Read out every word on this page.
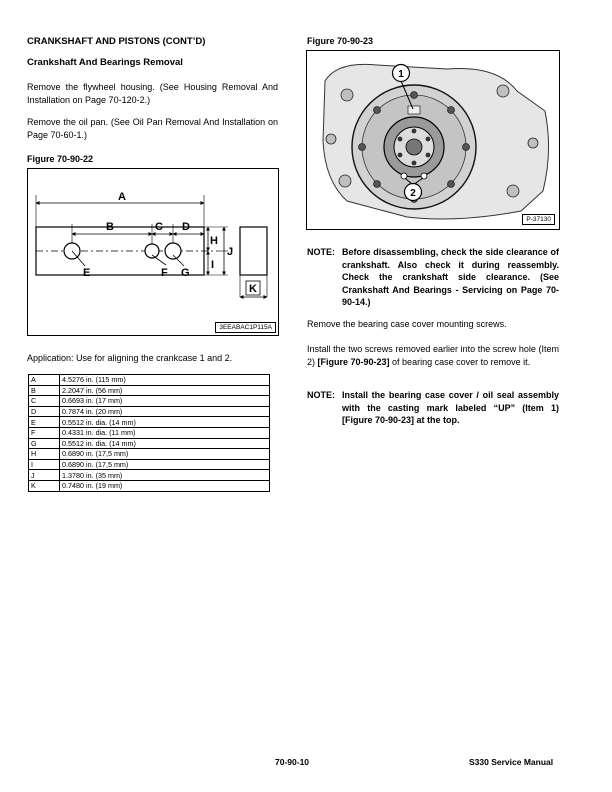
CRANKSHAFT AND PISTONS (CONT’D)
Crankshaft And Bearings Removal
Remove the flywheel housing. (See Housing Removal And Installation on Page 70-120-2.)
Remove the oil pan. (See Oil Pan Removal And Installation on Page 70-60-1.)
Figure 70-90-22
A
B	C D
E	F G
H
I
J
K
3EEABAC1P115A
Application: Use for aligning the crankcase 1 and 2.
A	4.5276 in. (115 mm)
B	2.2047 in. (56 mm)
C	0.6693 in. (17 mm)
D	0.7874 in. (20 mm)
E	0.5512 in. dia. (14 mm)
F	0.4331 in. dia. (11 mm)
G	0.5512 in. dia. (14 mm)
H	0.6890 in. (17,5 mm)
I	0.6890 in. (17,5 mm)
J	1.3780 in. (35 mm)
K	0.7480 in. (19 mm)
Figure 70-90-23
1
2
P-37130
NOTE: Before disassembling, check the side clearance of crankshaft. Also check it during reassembly. Check the crankshaft side clearance. (See Crankshaft And Bearings - Servicing on Page 70-90-14.)
Remove the bearing case cover mounting screws.
Install the two screws removed earlier into the screw hole (Item 2) [Figure 70-90-23] of bearing case cover to remove it.
NOTE: Install the bearing case cover / oil seal assembly with the casting mark labeled “UP” (Item 1) [Figure 70-90-23] at the top.
70-90-10	S330 Service Manual
